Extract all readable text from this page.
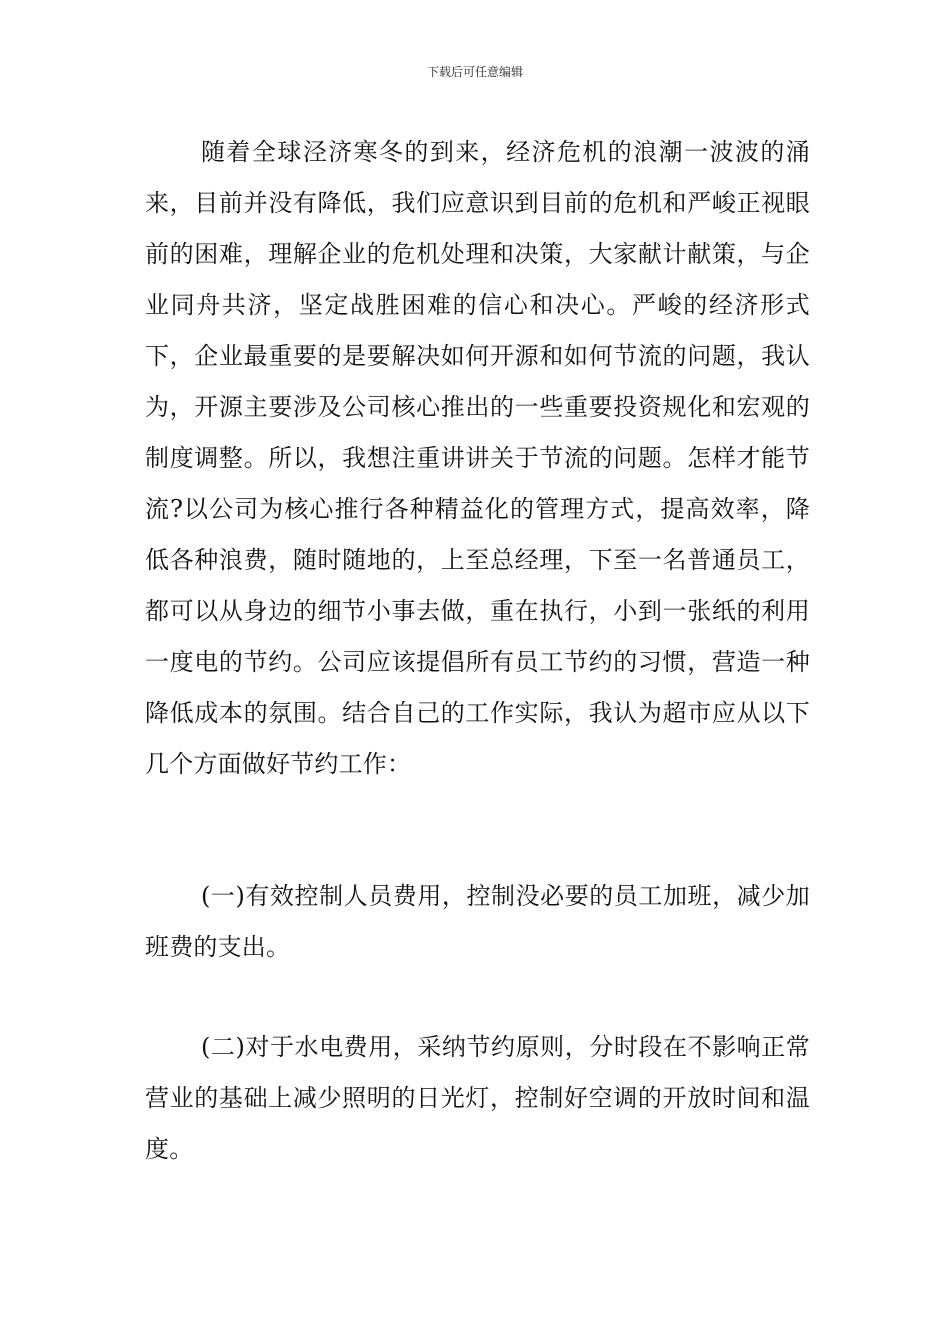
下载后可任意编辑

随着全球泾济寒冬的到来，经济危机的浪潮一波波的涌来，目前并没有降低，我们应意识到目前的危机和严峻正视眼前的困难，理解企业的危机处理和决策，大家献计献策，与企业同舟共济，坚定战胜困难的信心和决心。严峻的经济形式下，企业最重要的是要解决如何开源和如何节流的问题，我认为，开源主要涉及公司核心推出的一些重要投资规化和宏观的制度调整。所以，我想注重讲讲关于节流的问题。怎样才能节流?以公司为核心推行各种精益化的管理方式，提高效率，降低各种浪费，随时随地的，上至总经理，下至一名普通员工，都可以从身边的细节小事去做，重在执行，小到一张纸的利用一度电的节约。公司应该提倡所有员工节约的习惯，营造一种降低成本的氛围。结合自己的工作实际，我认为超市应从以下几个方面做好节约工作：

(一)有效控制人员费用，控制没必要的员工加班，减少加班费的支出。

(二)对于水电费用，采纳节约原则，分时段在不影响正常营业的基础上减少照明的日光灯，控制好空调的开放时间和温度。
